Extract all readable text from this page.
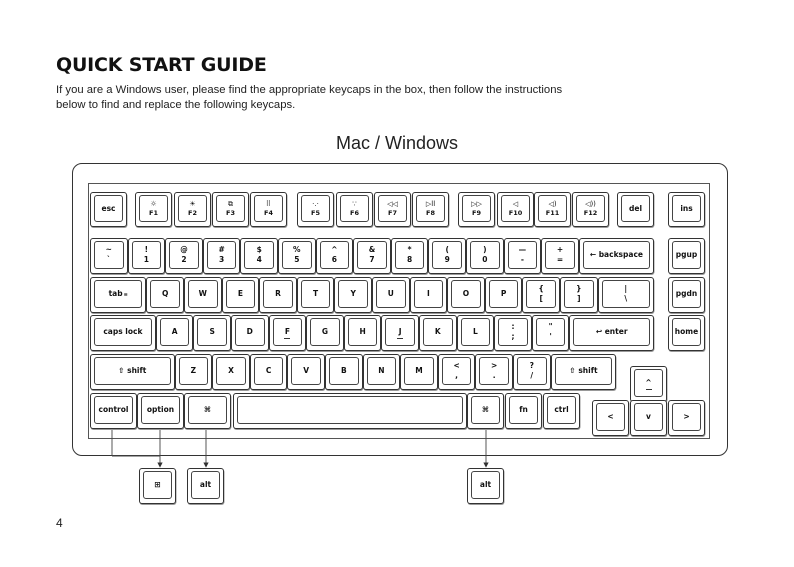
QUICK START GUIDE

If you are a Windows user, please find the appropriate keycaps in the box, then follow the instructions below to find and replace the following keycaps.

Mac / Windows

esc	☼
F1
☀
F2
⧉
F3
⠿
F4
·.·
F5
∵
F6
◁◁
F7
▷ll
F8
▷▷
F9
◁
F10
◁)
F11
◁))
F12
del	ins
~
`
!
1
@
2
#
3
$
4
%
5
^
6
&
7
*
8
(
9
)
0
—
-
+
=
← backspace	pgup
tab≡	Q	W	E	R	T	Y	U	I	O	P
{
[
}
]
|
\
pgdn
caps lock	A	S	D	F	G	H	J	K	L
:
;
"
'
↩ enter	home
⇧ shift	Z	X	C	V	B	N	M
<
,
>
.
?
/
⇧ shift
^
control option	⌘	⌘	fn	ctrl
<	v	>
⊞	alt	alt

4
